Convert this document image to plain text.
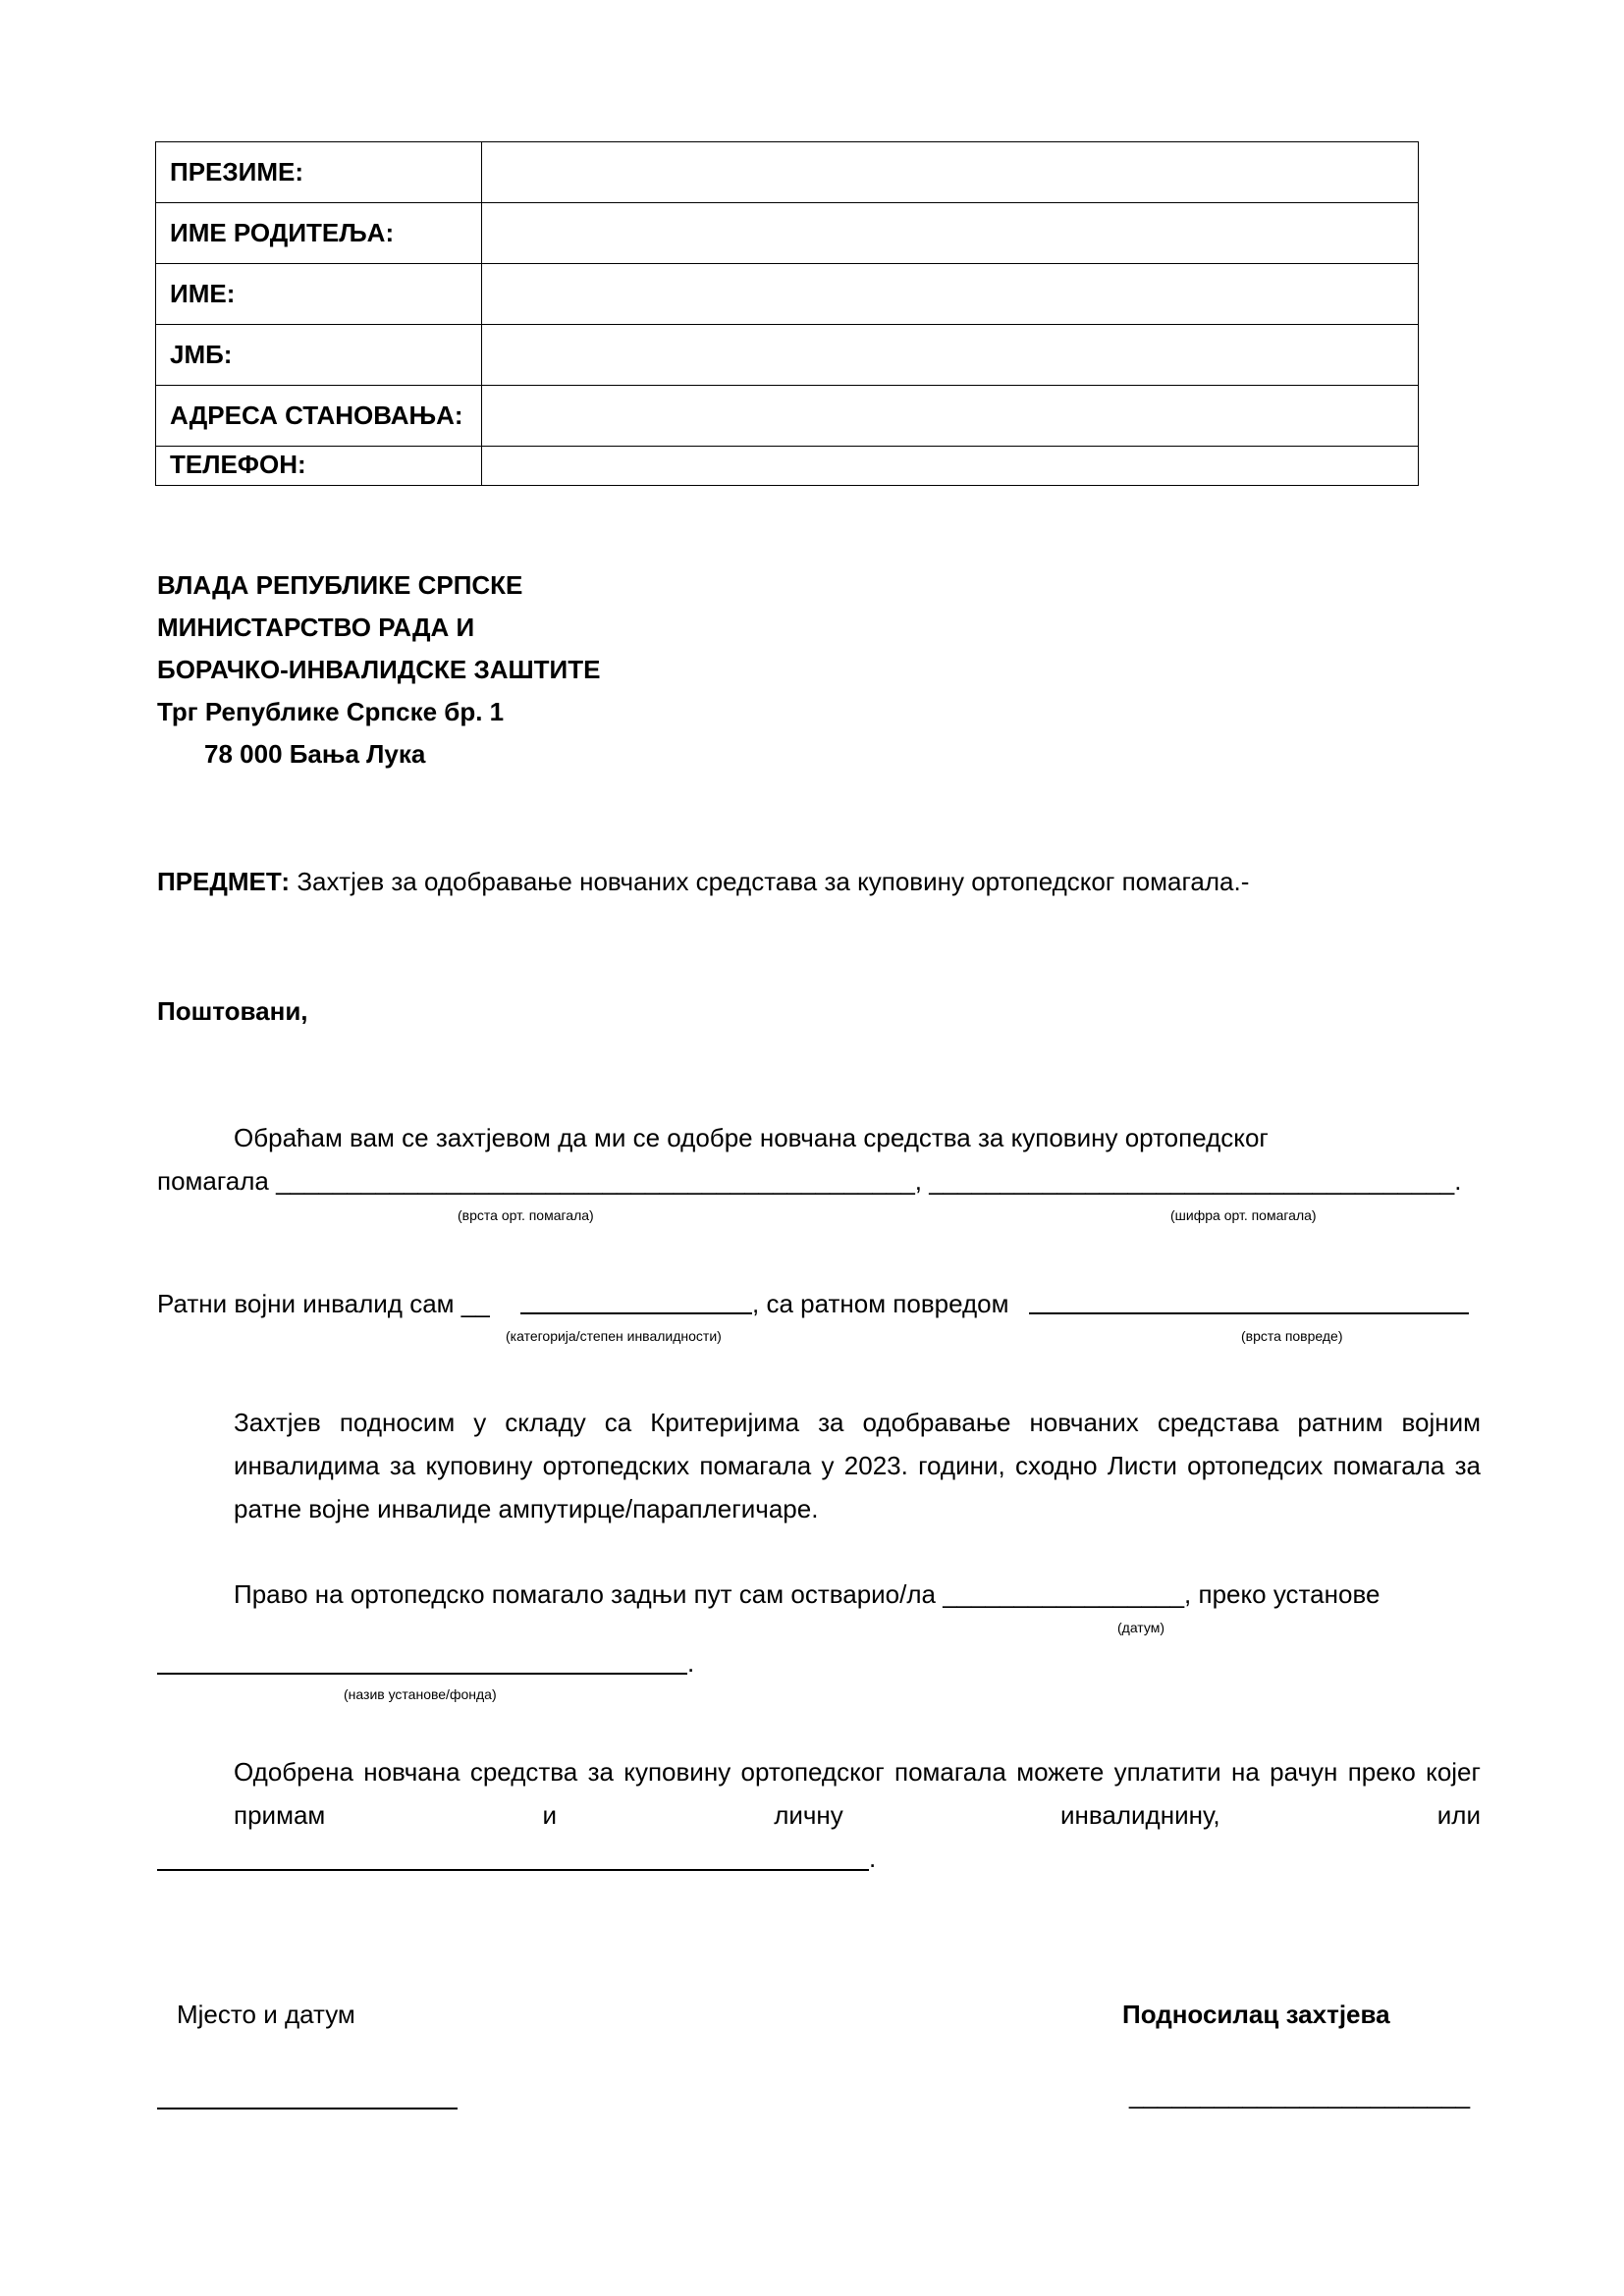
ПРЕЗИМЕ:	
ИМЕ РОДИТЕЉА:	
ИМЕ:	
ЈМБ:	
АДРЕСА СТАНОВАЊА:	
ТЕЛЕФОН:	
ВЛАДА РЕПУБЛИКЕ СРПСКЕ
МИНИСТАРСТВО РАДА И
БОРАЧКО-ИНВАЛИДСКЕ ЗАШТИТЕ
Трг Републике Српске бр. 1
78 000 Бања Лука
ПРЕДМЕТ: Захтјев за одобравање новчаних средстава за куповину ортопедског помагала.-
Поштовани,
Обраћам вам се захтјевом да ми се одобре новчана средства за куповину ортопедског
помагала _____________________________________________, _____________________________________.
(врста орт. помагала)	(шифра орт. помагала)
Ратни војни инвалид сам __	, са ратном повредом
(категорија/степен инвалидности)	(врста повреде)
Захтјев подносим у складу са Критеријима за одобравање новчаних средстава ратним војним инвалидима за куповину ортопедских помагала у 2023. години, сходно Листи ортопедсих помагала за ратне војне инвалиде ампутирце/параплегичаре.
Право на ортопедско помагало задњи пут сам остварио/ла _________________, преко установе
(датум)
.
(назив установе/фонда)
Одобрена новчана средства за куповину ортопедског помагала можете уплатити на рачун преко којег примам и личну инвалиднину, или
.
Мјесто и датум	Подносилац захтјева
________________________
